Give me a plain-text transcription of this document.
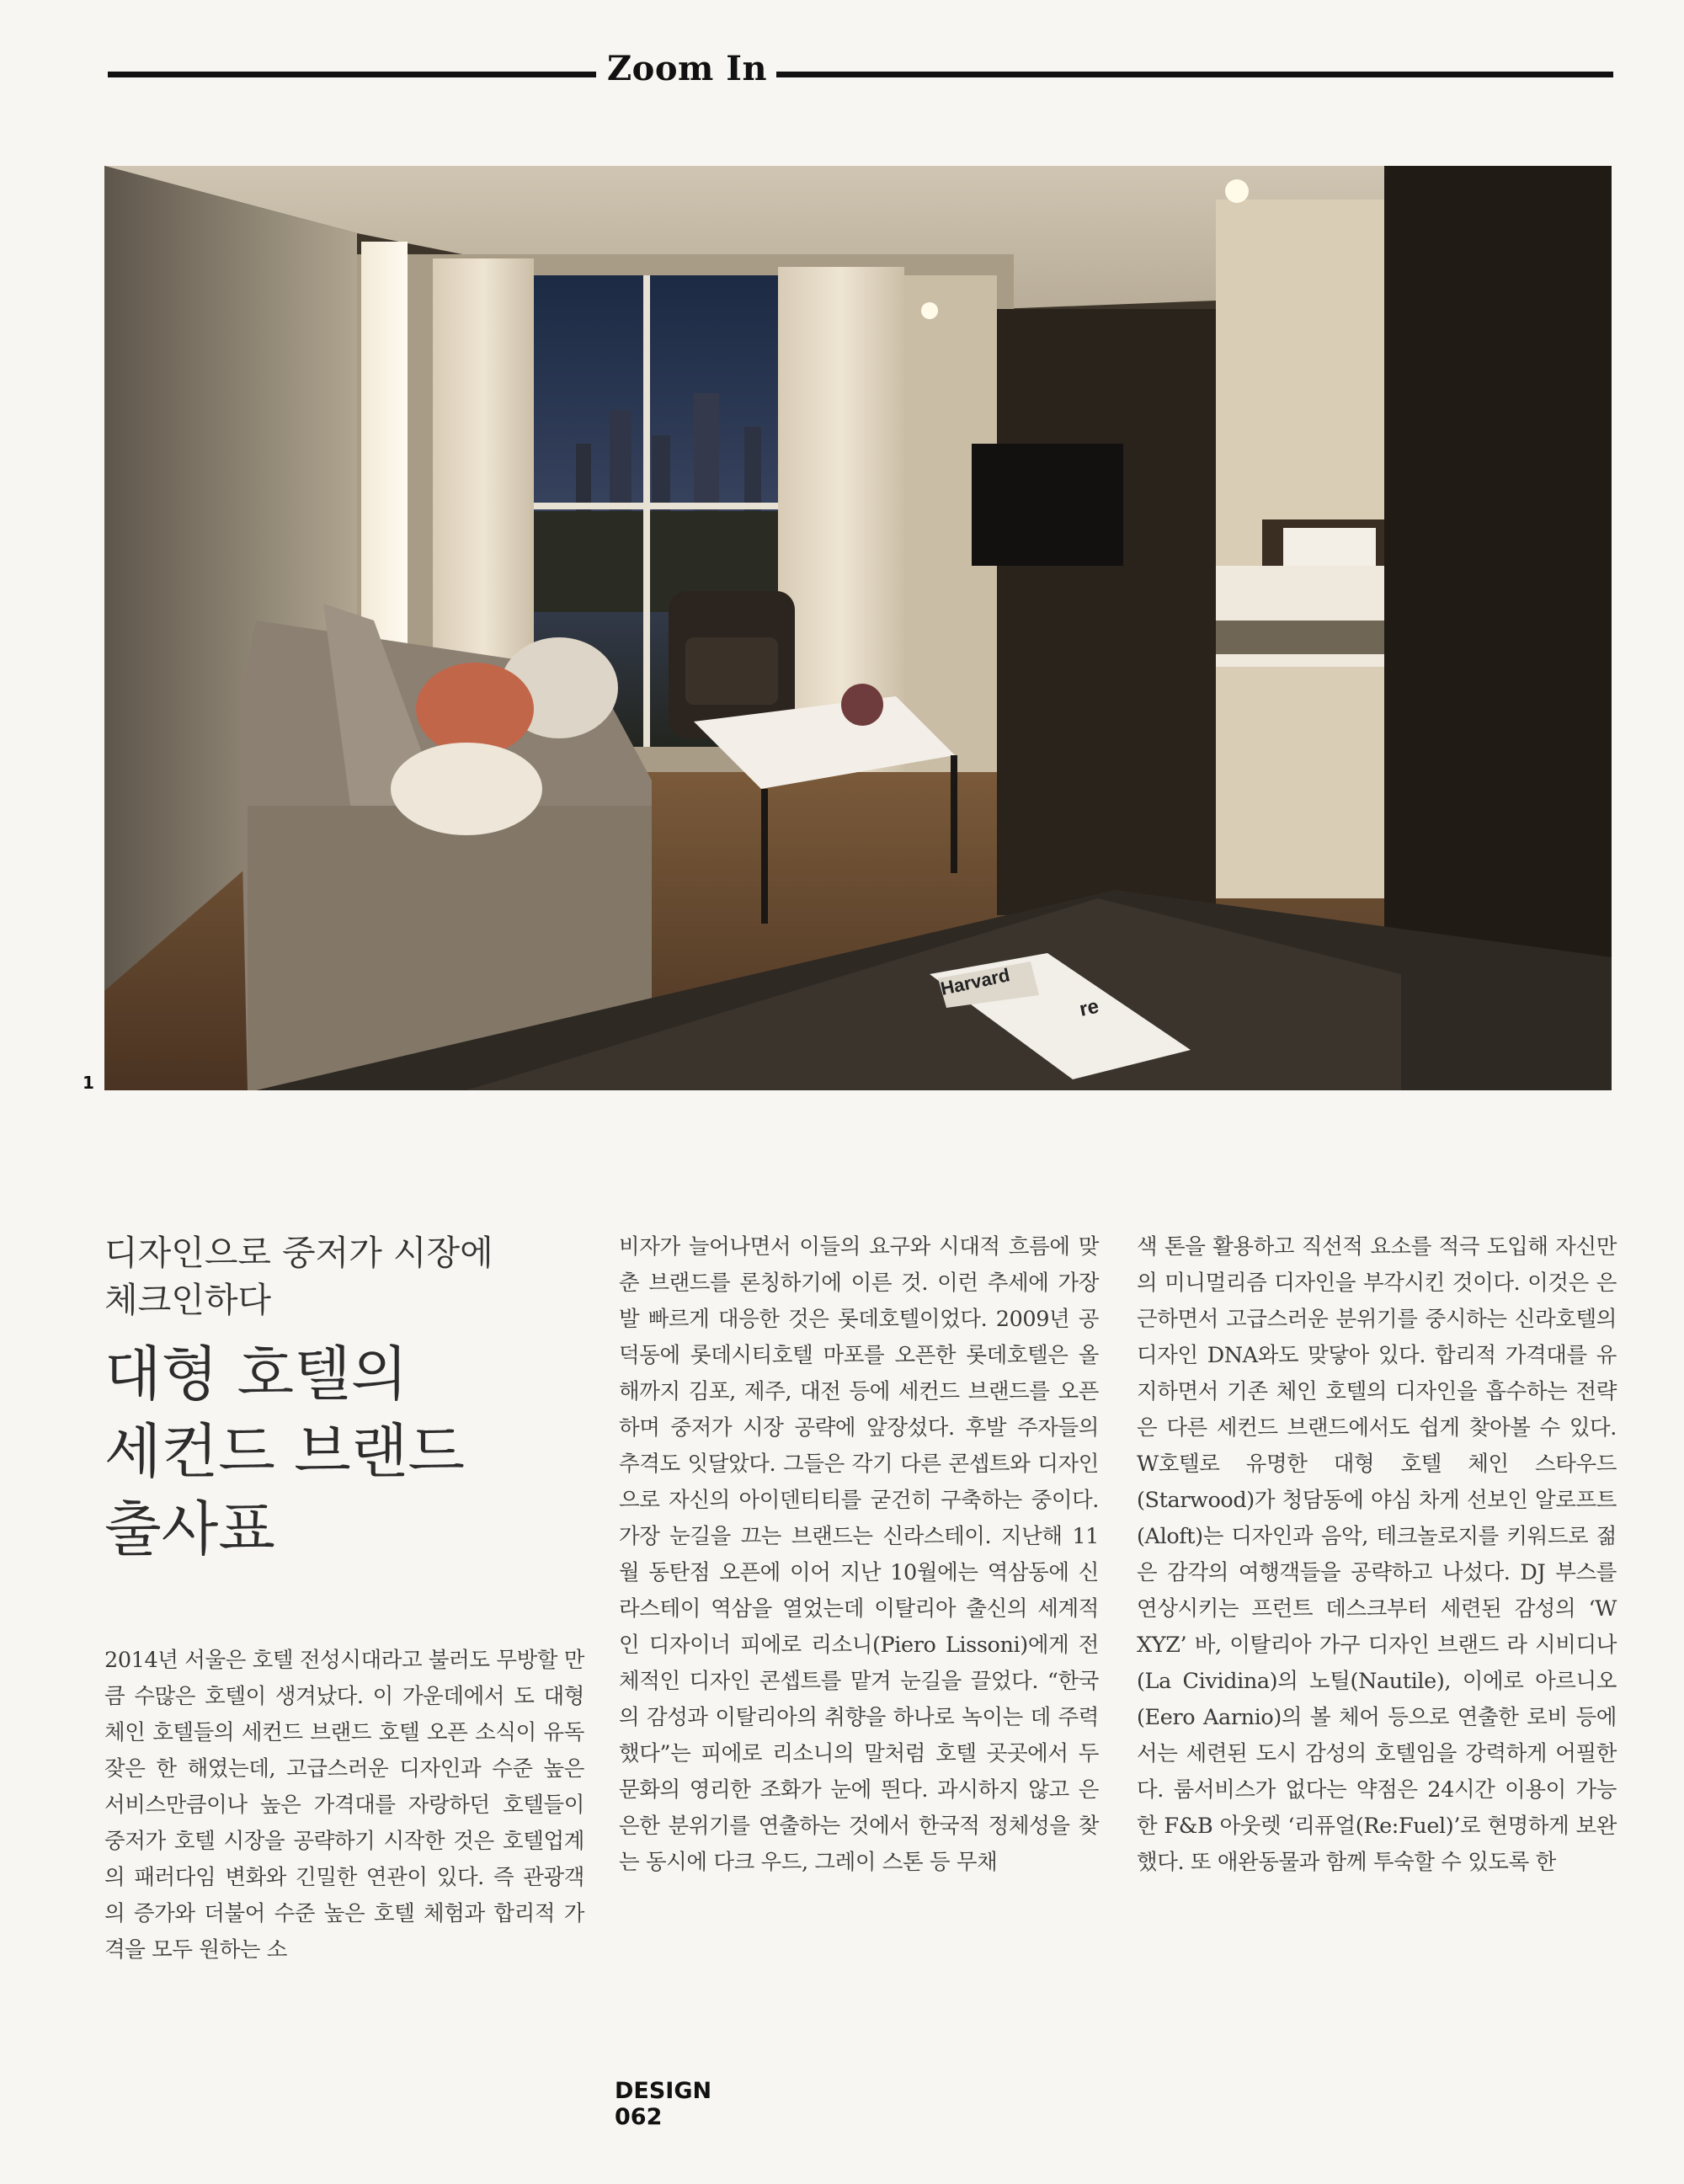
Zoom In
Harvard
re
1
디자인으로 중저가 시장에
체크인하다
대형 호텔의
세컨드 브랜드
출사표
2014년 서울은 호텔 전성시대라고 불러도 무방할 만큼 수많은 호텔이 생겨났다. 이 가운데에서 도 대형 체인 호텔들의 세컨드 브랜드 호텔 오픈 소식이 유독 잦은 한 해였는데, 고급스러운 디자인과 수준 높은 서비스만큼이나 높은 가격대를 자랑하던 호텔들이 중저가 호텔 시장을 공략하기 시작한 것은 호텔업계의 패러다임 변화와 긴밀한 연관이 있다. 즉 관광객의 증가와 더불어 수준 높은 호텔 체험과 합리적 가격을 모두 원하는 소
비자가 늘어나면서 이들의 요구와 시대적 흐름에 맞춘 브랜드를 론칭하기에 이른 것. 이런 추세에 가장 발 빠르게 대응한 것은 롯데호텔이었다. 2009년 공덕동에 롯데시티호텔 마포를 오픈한 롯데호텔은 올해까지 김포, 제주, 대전 등에 세컨드 브랜드를 오픈하며 중저가 시장 공략에 앞장섰다. 후발 주자들의 추격도 잇달았다. 그들은 각기 다른 콘셉트와 디자인으로 자신의 아이덴티티를 굳건히 구축하는 중이다. 가장 눈길을 끄는 브랜드는 신라스테이. 지난해 11월 동탄점 오픈에 이어 지난 10월에는 역삼동에 신라스테이 역삼을 열었는데 이탈리아 출신의 세계적인 디자이너 피에로 리소니(Piero Lissoni)에게 전체적인 디자인 콘셉트를 맡겨 눈길을 끌었다. “한국의 감성과 이탈리아의 취향을 하나로 녹이는 데 주력했다”는 피에로 리소니의 말처럼 호텔 곳곳에서 두 문화의 영리한 조화가 눈에 띈다. 과시하지 않고 은은한 분위기를 연출하는 것에서 한국적 정체성을 찾는 동시에 다크 우드, 그레이 스톤 등 무채
색 톤을 활용하고 직선적 요소를 적극 도입해 자신만의 미니멀리즘 디자인을 부각시킨 것이다. 이것은 은근하면서 고급스러운 분위기를 중시하는 신라호텔의 디자인 DNA와도 맞닿아 있다. 합리적 가격대를 유지하면서 기존 체인 호텔의 디자인을 흡수하는 전략은 다른 세컨드 브랜드에서도 쉽게 찾아볼 수 있다. W호텔로 유명한 대형 호텔 체인 스타우드(Starwood)가 청담동에 야심 차게 선보인 알로프트(Aloft)는 디자인과 음악, 테크놀로지를 키워드로 젊은 감각의 여행객들을 공략하고 나섰다. DJ 부스를 연상시키는 프런트 데스크부터 세련된 감성의 ‘W XYZ’ 바, 이탈리아 가구 디자인 브랜드 라 시비디나(La Cividina)의 노틸(Nautile), 이에로 아르니오(Eero Aarnio)의 볼 체어 등으로 연출한 로비 등에서는 세련된 도시 감성의 호텔임을 강력하게 어필한다. 룸서비스가 없다는 약점은 24시간 이용이 가능한 F&B 아웃렛 ‘리퓨얼(Re:Fuel)’로 현명하게 보완했다. 또 애완동물과 함께 투숙할 수 있도록 한
DESIGN 062
